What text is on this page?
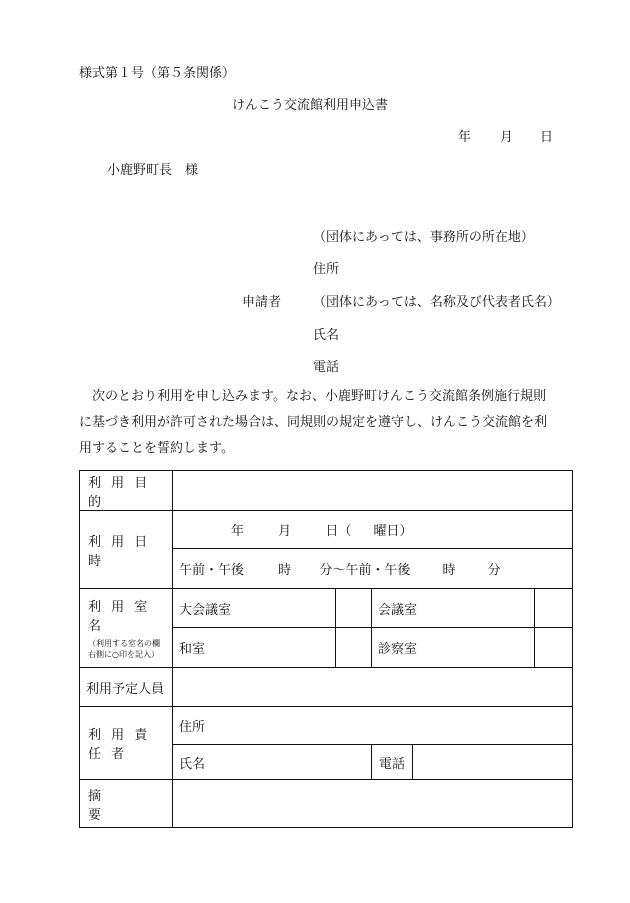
様式第１号（第５条関係）
けんこう交流館利用申込書
年 月 日
小鹿野町長　様
（団体にあっては、事務所の所在地）
住所
申請者 （団体にあっては、名称及び代表者氏名）
氏名
電話
　次のとおり利用を申し込みます。なお、小鹿野町けんこう交流館条例施行規則
に基づき利用が許可された場合は、同規則の規定を遵守し、けんこう交流館を利
用することを誓約します。
利 用 目 的				
利 用 日 時	年 月 日（ 曜日）			
	午前・午後 時 分～午前・午後 時 分			
利 用 室 名
（利用する室名の欄右側に○印を記入）	大会議室		会議室	
	和室		診察室	
利用予定人員				
利 用 責 任 者	住所			
	氏名		電話	

摘　　　　要				
